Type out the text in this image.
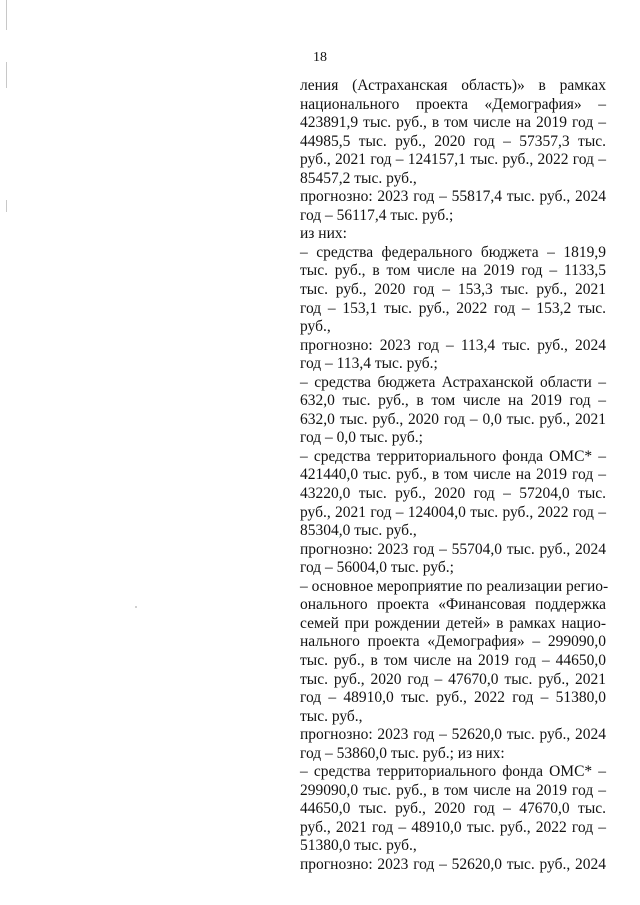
18
ления (Астраханская область)» в рамках
национального проекта «Демография» –
423891,9 тыс. руб., в том числе на 2019 год –
44985,5 тыс. руб., 2020 год – 57357,3 тыс.
руб., 2021 год – 124157,1 тыс. руб., 2022 год –
85457,2 тыс. руб.,
прогнозно: 2023 год – 55817,4 тыс. руб., 2024
год – 56117,4 тыс. руб.;
из них:
– средства федерального бюджета – 1819,9
тыс. руб., в том числе на 2019 год – 1133,5
тыс. руб., 2020 год – 153,3 тыс. руб., 2021
год – 153,1 тыс. руб., 2022 год – 153,2 тыс.
руб.,
прогнозно: 2023 год – 113,4 тыс. руб., 2024
год – 113,4 тыс. руб.;
– средства бюджета Астраханской области –
632,0 тыс. руб., в том числе на 2019 год –
632,0 тыс. руб., 2020 год – 0,0 тыс. руб., 2021
год – 0,0 тыс. руб.;
– средства территориального фонда ОМС* –
421440,0 тыс. руб., в том числе на 2019 год –
43220,0 тыс. руб., 2020 год – 57204,0 тыс.
руб., 2021 год – 124004,0 тыс. руб., 2022 год –
85304,0 тыс. руб.,
прогнозно: 2023 год – 55704,0 тыс. руб., 2024
год – 56004,0 тыс. руб.;
– основное мероприятие по реализации регио-
онального проекта «Финансовая поддержка
семей при рождении детей» в рамках нацио-
нального проекта «Демография» – 299090,0
тыс. руб., в том числе на 2019 год – 44650,0
тыс. руб., 2020 год – 47670,0 тыс. руб., 2021
год – 48910,0 тыс. руб., 2022 год – 51380,0
тыс. руб.,
прогнозно: 2023 год – 52620,0 тыс. руб., 2024
год – 53860,0 тыс. руб.; из них:
– средства территориального фонда ОМС* –
299090,0 тыс. руб., в том числе на 2019 год –
44650,0 тыс. руб., 2020 год – 47670,0 тыс.
руб., 2021 год – 48910,0 тыс. руб., 2022 год –
51380,0 тыс. руб.,
прогнозно: 2023 год – 52620,0 тыс. руб., 2024
